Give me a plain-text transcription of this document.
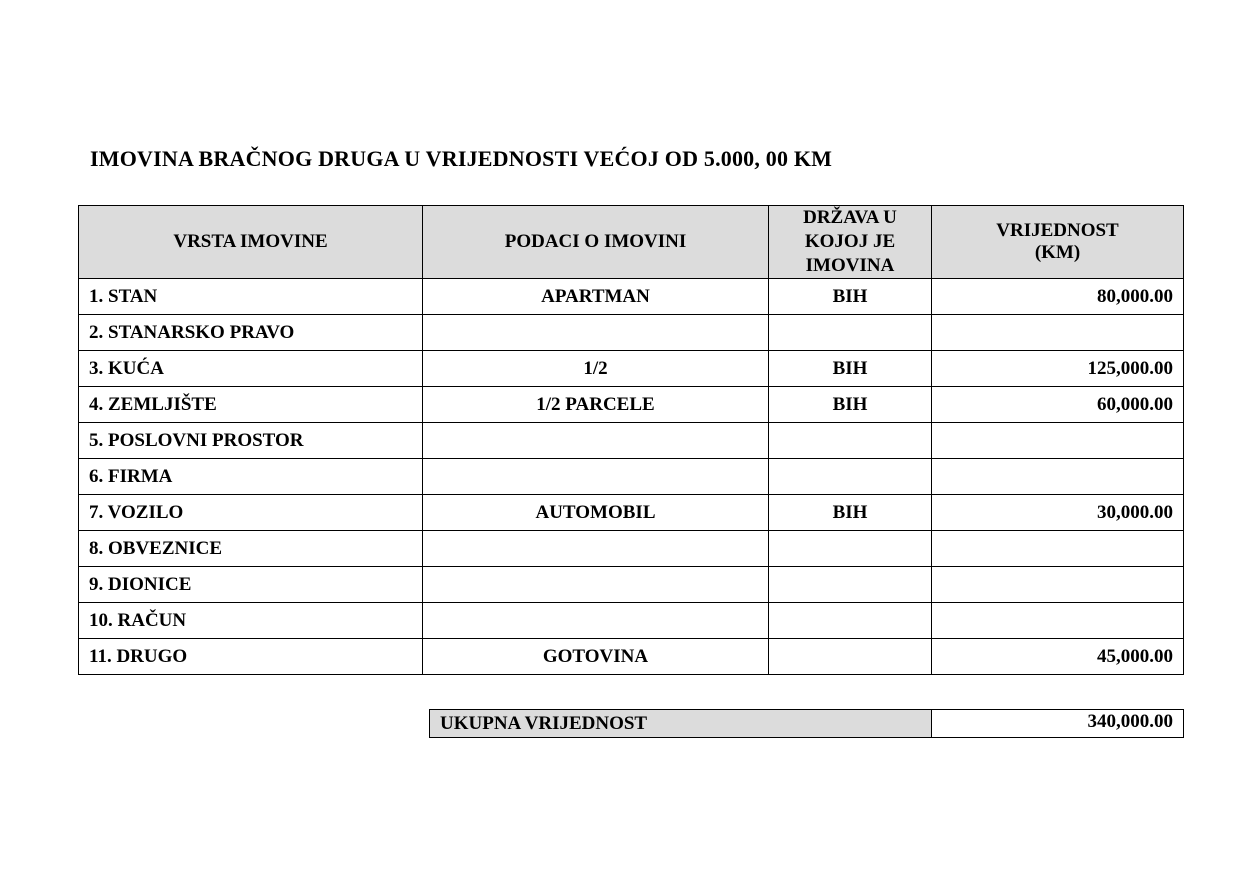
IMOVINA BRAČNOG DRUGA U VRIJEDNOSTI VEĆOJ OD 5.000, 00 KM
VRSTA IMOVINE	PODACI O IMOVINI	DRŽAVA U
KOJOJ JE
IMOVINA	VRIJEDNOST
(KM)
1. STAN	APARTMAN	BIH	80,000.00
2. STANARSKO PRAVO			
3. KUĆA	1/2	BIH	125,000.00
4. ZEMLJIŠTE	1/2 PARCELE	BIH	60,000.00
5. POSLOVNI PROSTOR			
6. FIRMA			
7. VOZILO	AUTOMOBIL	BIH	30,000.00
8. OBVEZNICE			
9. DIONICE			
10. RAČUN			
11. DRUGO	GOTOVINA		45,000.00
UKUPNA VRIJEDNOST	340,000.00
